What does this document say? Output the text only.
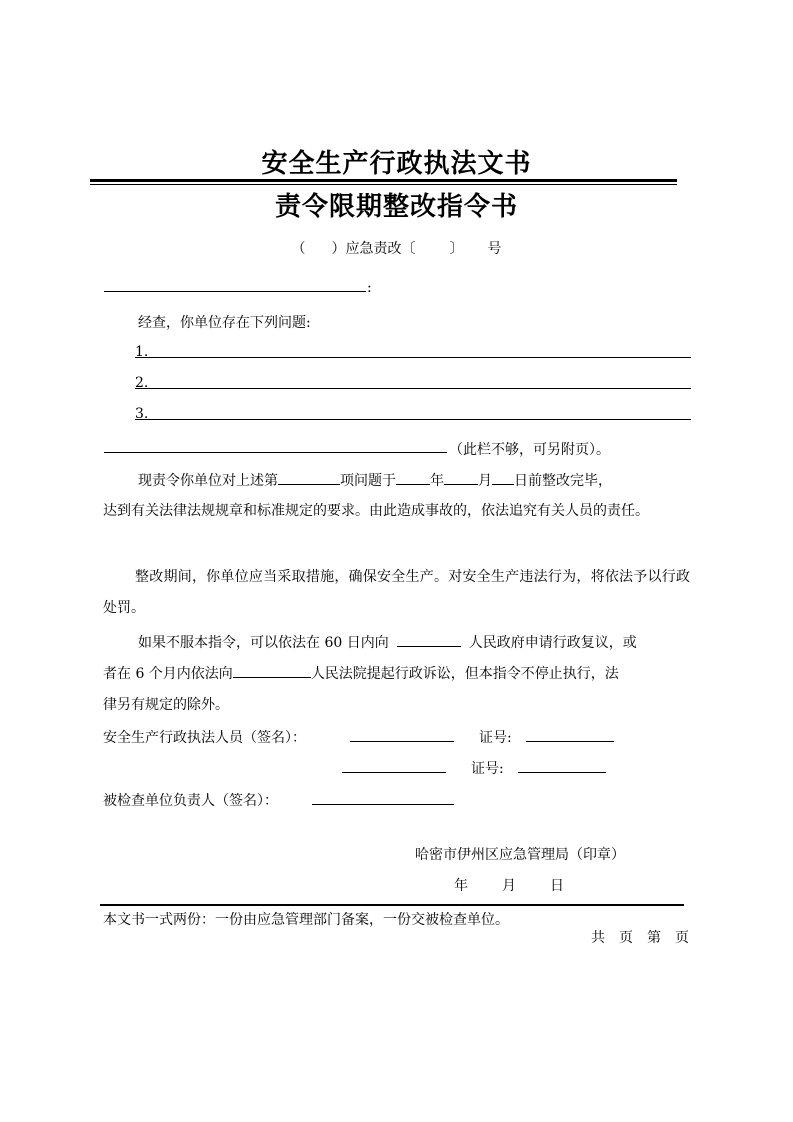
安全生产行政执法文书
责令限期整改指令书
（ ）应急责改〔 〕 号
:
经查，你单位存在下列问题:
1.
2.
3.
（此栏不够，可另附页）。
现责令你单位对上述第	项问题于 年 月 日前整改完毕，
达到有关法律法规规章和标准规定的要求。由此造成事故的，依法追究有关人员的责任。
整改期间，你单位应当采取措施，确保安全生产。对安全生产违法行为，将依法予以行政处罚。
如果不服本指令，可以依法在 60 日内向	人民政府申请行政复议，或
者在 6 个月内依法向	人民法院提起行政诉讼，但本指令不停止执行，法
律另有规定的除外。
安全生产行政执法人员（签名）：	证号:
证号:
被检查单位负责人（签名）：
哈密市伊州区应急管理局（印章）
年 月 日
本文书一式两份：一份由应急管理部门备案，一份交被检查单位。
共 页 第 页
